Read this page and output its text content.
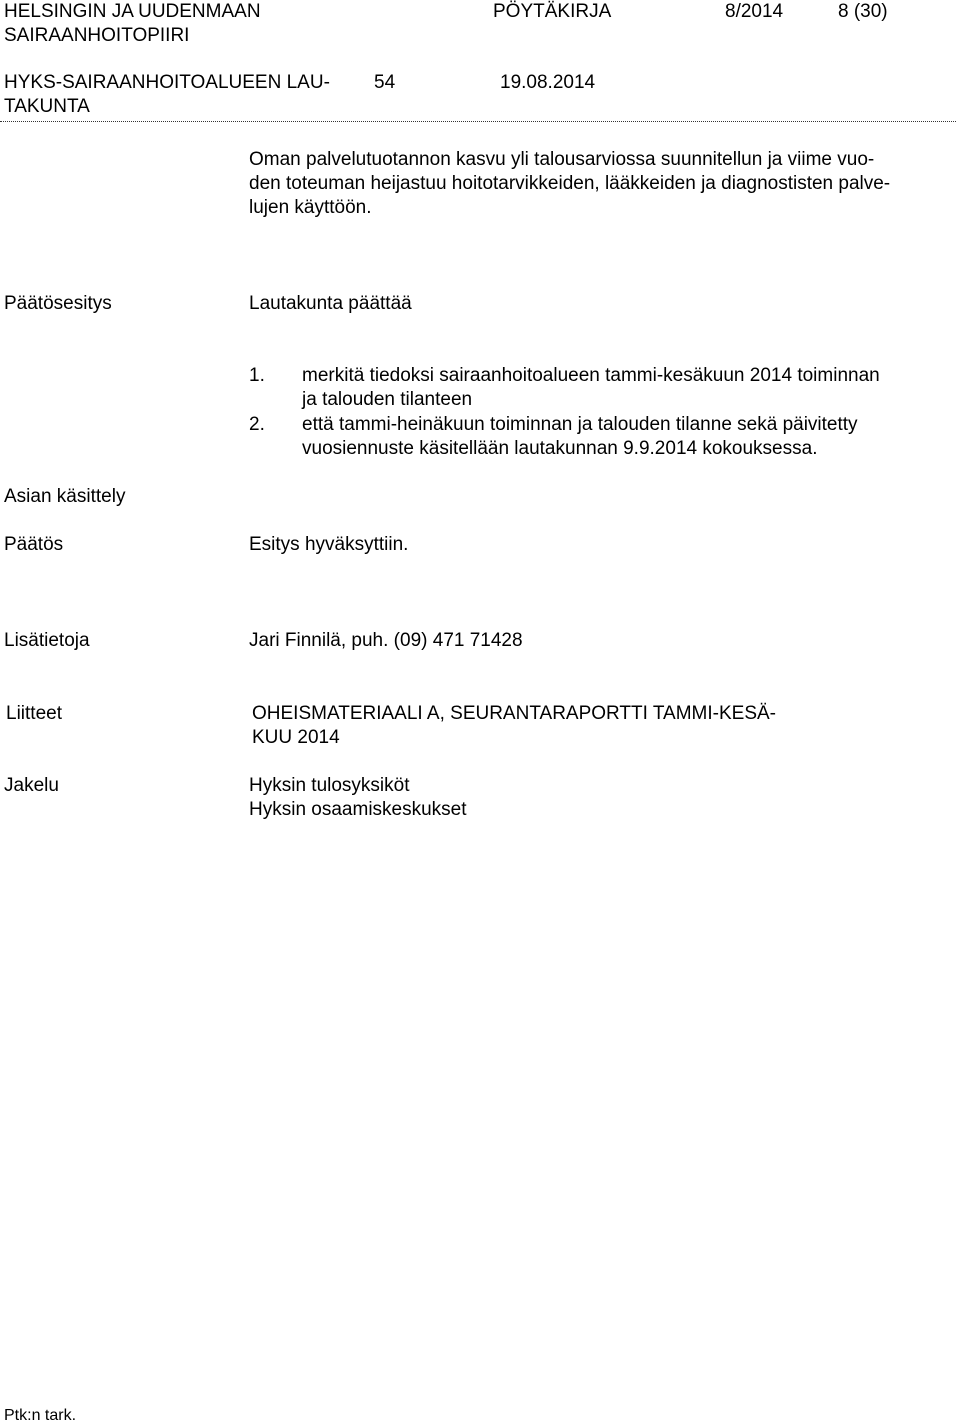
HELSINGIN JA UUDENMAAN
SAIRAANHOITOPIIRI
PÖYTÄKIRJA	8/2014	8 (30)
HYKS-SAIRAANHOITOALUEEN LAU-
TAKUNTA
54	19.08.2014
Oman palvelutuotannon kasvu yli talousarviossa suunnitellun ja viime vuo-
den toteuman heijastuu hoitotarvikkeiden, lääkkeiden ja diagnostisten palve-
lujen käyttöön.
Päätösesitys	Lautakunta päättää
1.	merkitä tiedoksi sairaanhoitoalueen tammi-kesäkuun 2014 toiminnan
ja talouden tilanteen
2.	että tammi-heinäkuun toiminnan ja talouden tilanne sekä päivitetty
vuosiennuste käsitellään lautakunnan 9.9.2014 kokouksessa.
Asian käsittely
Päätös	Esitys hyväksyttiin.
Lisätietoja	Jari Finnilä, puh. (09) 471 71428
Liitteet	OHEISMATERIAALI A, SEURANTARAPORTTI TAMMI-KESÄ-
KUU 2014
Jakelu	Hyksin tulosyksiköt
Hyksin osaamiskeskukset
Ptk:n tark.
